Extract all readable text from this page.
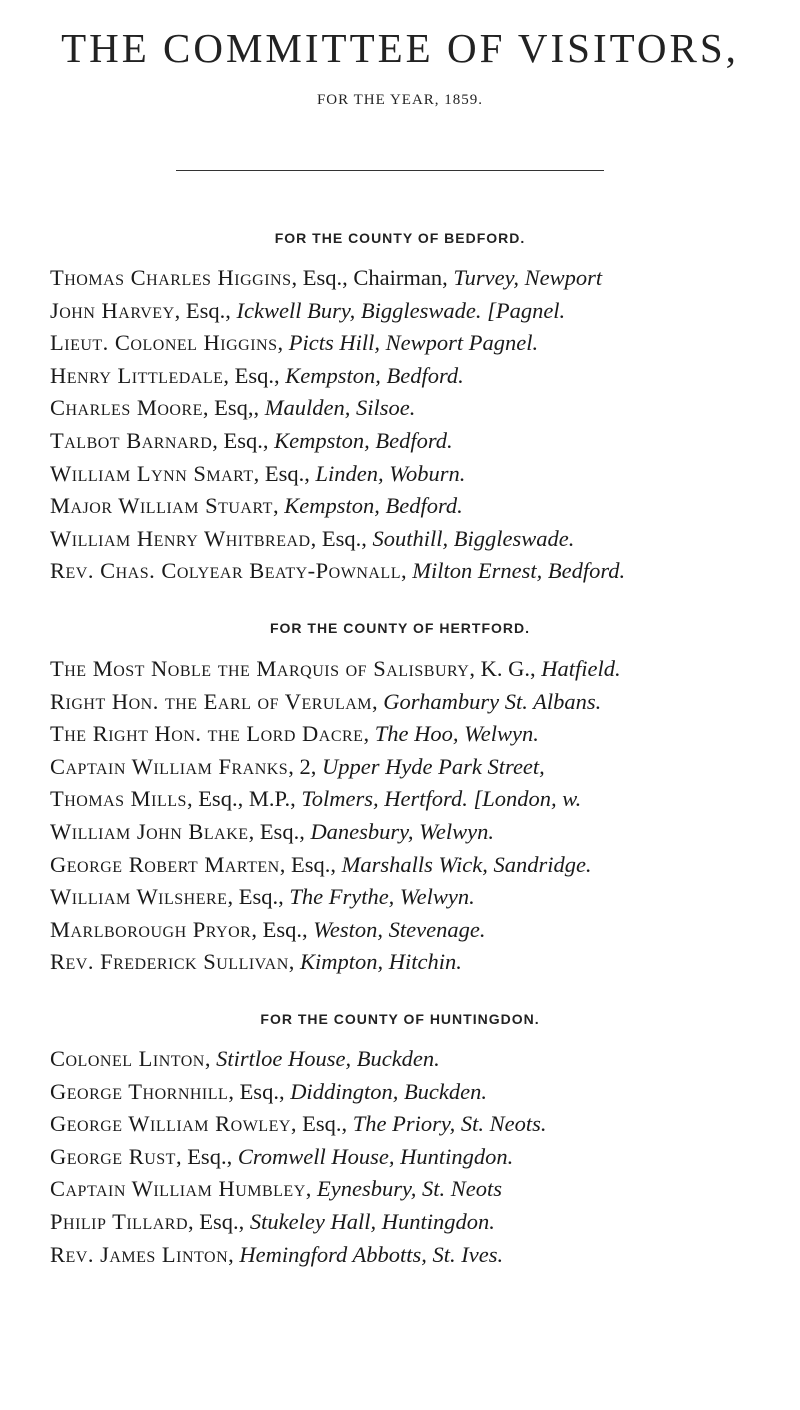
THE COMMITTEE OF VISITORS,
FOR THE YEAR, 1859.
FOR THE COUNTY OF BEDFORD.
Thomas Charles Higgins, Esq., Chairman, Turvey, Newport
John Harvey, Esq., Ickwell Bury, Biggleswade. [Pagnel.
Lieut. Colonel Higgins, Picts Hill, Newport Pagnel.
Henry Littledale, Esq., Kempston, Bedford.
Charles Moore, Esq,, Maulden, Silsoe.
Talbot Barnard, Esq., Kempston, Bedford.
William Lynn Smart, Esq., Linden, Woburn.
Major William Stuart, Kempston, Bedford.
William Henry Whitbread, Esq., Southill, Biggleswade.
Rev. Chas. Colyear Beaty-Pownall, Milton Ernest, Bedford.
FOR THE COUNTY OF HERTFORD.
The Most Noble the Marquis of Salisbury, K. G., Hatfield.
Right Hon. the Earl of Verulam, Gorhambury St. Albans.
The Right Hon. the Lord Dacre, The Hoo, Welwyn.
Captain William Franks, 2, Upper Hyde Park Street,
Thomas Mills, Esq., M.P., Tolmers, Hertford. [London, w.
William John Blake, Esq., Danesbury, Welwyn.
George Robert Marten, Esq., Marshalls Wick, Sandridge.
William Wilshere, Esq., The Frythe, Welwyn.
Marlborough Pryor, Esq., Weston, Stevenage.
Rev. Frederick Sullivan, Kimpton, Hitchin.
FOR THE COUNTY OF HUNTINGDON.
Colonel Linton, Stirtloe House, Buckden.
George Thornhill, Esq., Diddington, Buckden.
George William Rowley, Esq., The Priory, St. Neots.
George Rust, Esq., Cromwell House, Huntingdon.
Captain William Humbley, Eynesbury, St. Neots
Philip Tillard, Esq., Stukeley Hall, Huntingdon.
Rev. James Linton, Hemingford Abbotts, St. Ives.
